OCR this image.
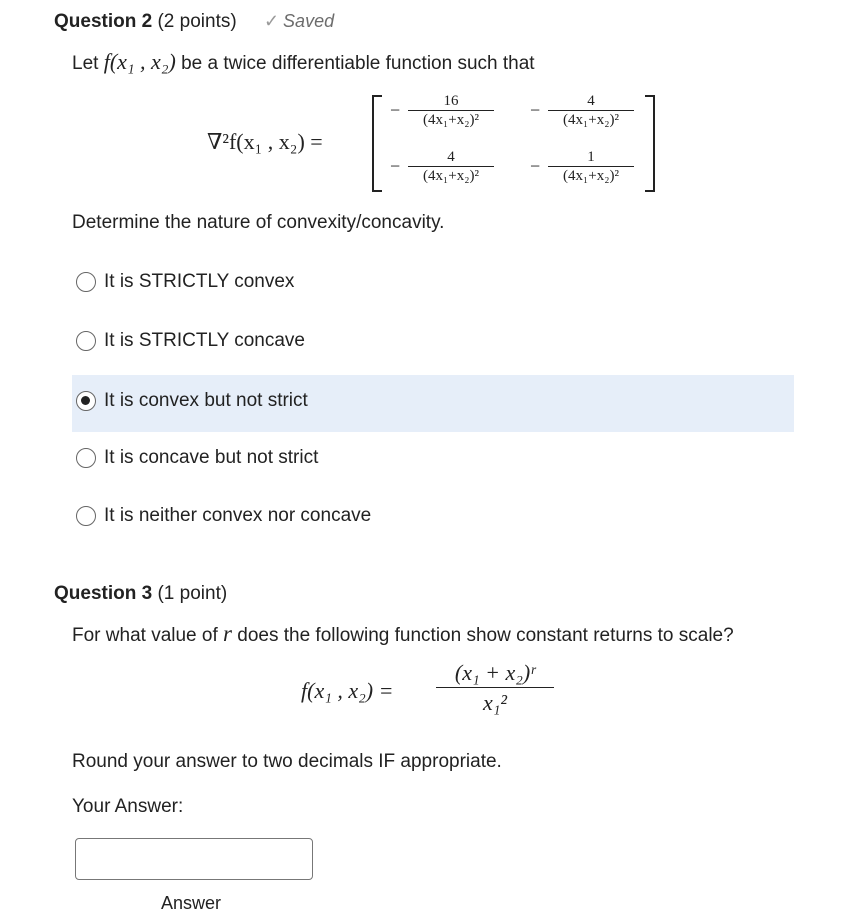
Question 2 (2 points) ✓ Saved
Let f(x₁ , x₂) be a twice differentiable function such that
∇²f(x₁ , x₂) =
− $\frac{16}{\text{(4x₁+x₂)²}} - \frac{4}{\text{(4x₁+x₂)²}}$
− $\frac{4}{\text{(4x₁+x₂)²}} - \frac{1}{\text{(4x₁+x₂)²}}$
Determine the nature of convexity/concavity.
It is STRICTLY convex
It is STRICTLY concave
It is convex but not strict
It is concave but not strict
It is neither convex nor concave
Question 3 (1 point)
For what value of r does the following function show constant returns to scale?
f(x₁ , $x_2) = \frac{\text{(x₁ + x₂)ʳ}}{\text{x₁²}}$
Round your answer to two decimals IF appropriate.
Your Answer:
Answer
